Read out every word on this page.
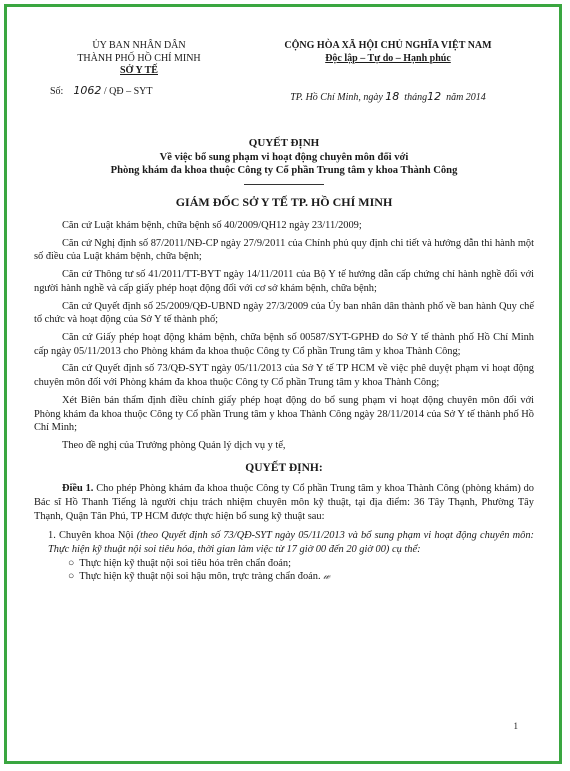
ỦY BAN NHÂN DÂN
THÀNH PHỐ HỒ CHÍ MINH
SỞ Y TẾ
Số: 1062 / QĐ – SYT
CỘNG HÒA XÃ HỘI CHỦ NGHĨA VIỆT NAM
Độc lập – Tự do – Hạnh phúc
TP. Hồ Chí Minh, ngày 18 tháng12 năm 2014
QUYẾT ĐỊNH
Về việc bổ sung phạm vi hoạt động chuyên môn đối với
Phòng khám đa khoa thuộc Công ty Cổ phần Trung tâm y khoa Thành Công
GIÁM ĐỐC SỞ Y TẾ TP. HỒ CHÍ MINH

Căn cứ Luật khám bệnh, chữa bệnh số 40/2009/QH12 ngày 23/11/2009;

Căn cứ Nghị định số 87/2011/NĐ-CP ngày 27/9/2011 của Chính phủ quy định chi tiết và hướng dẫn thi hành một số điều của Luật khám bệnh, chữa bệnh;

Căn cứ Thông tư số 41/2011/TT-BYT ngày 14/11/2011 của Bộ Y tế hướng dẫn cấp chứng chỉ hành nghề đối với người hành nghề và cấp giấy phép hoạt động đối với cơ sở khám bệnh, chữa bệnh;

Căn cứ Quyết định số 25/2009/QĐ-UBND ngày 27/3/2009 của Ủy ban nhân dân thành phố về ban hành Quy chế tổ chức và hoạt động của Sở Y tế thành phố;

Căn cứ Giấy phép hoạt động khám bệnh, chữa bệnh số 00587/SYT-GPHĐ do Sở Y tế thành phố Hồ Chí Minh cấp ngày 05/11/2013 cho Phòng khám đa khoa thuộc Công ty Cổ phần Trung tâm y khoa Thành Công;

Căn cứ Quyết định số 73/QĐ-SYT ngày 05/11/2013 của Sở Y tế TP HCM về việc phê duyệt phạm vi hoạt động chuyên môn đối với Phòng khám đa khoa thuộc Công ty Cổ phần Trung tâm y khoa Thành Công;

Xét Biên bản thẩm định điều chỉnh giấy phép hoạt động do bổ sung phạm vi hoạt động chuyên môn đối với Phòng khám đa khoa thuộc Công ty Cổ phần Trung tâm y khoa Thành Công ngày 28/11/2014 của Sở Y tế thành phố Hồ Chí Minh;

Theo đề nghị của Trưởng phòng Quản lý dịch vụ y tế,

QUYẾT ĐỊNH:

Điều 1. Cho phép Phòng khám đa khoa thuộc Công ty Cổ phần Trung tâm y khoa Thành Công (phòng khám) do Bác sĩ Hồ Thanh Tiếng là người chịu trách nhiệm chuyên môn kỹ thuật, tại địa điểm: 36 Tây Thạnh, Phường Tây Thạnh, Quận Tân Phú, TP HCM được thực hiện bổ sung kỹ thuật sau:

1. Chuyên khoa Nội (theo Quyết định số 73/QĐ-SYT ngày 05/11/2013 và bổ sung phạm vi hoạt động chuyên môn: Thực hiện kỹ thuật nội soi tiêu hóa, thời gian làm việc từ 17 giờ 00 đến 20 giờ 00) cụ thể:
○  Thực hiện kỹ thuật nội soi tiêu hóa trên chẩn đoán;
○  Thực hiện kỹ thuật nội soi hậu môn, trực tràng chẩn đoán. 𝓌
1
